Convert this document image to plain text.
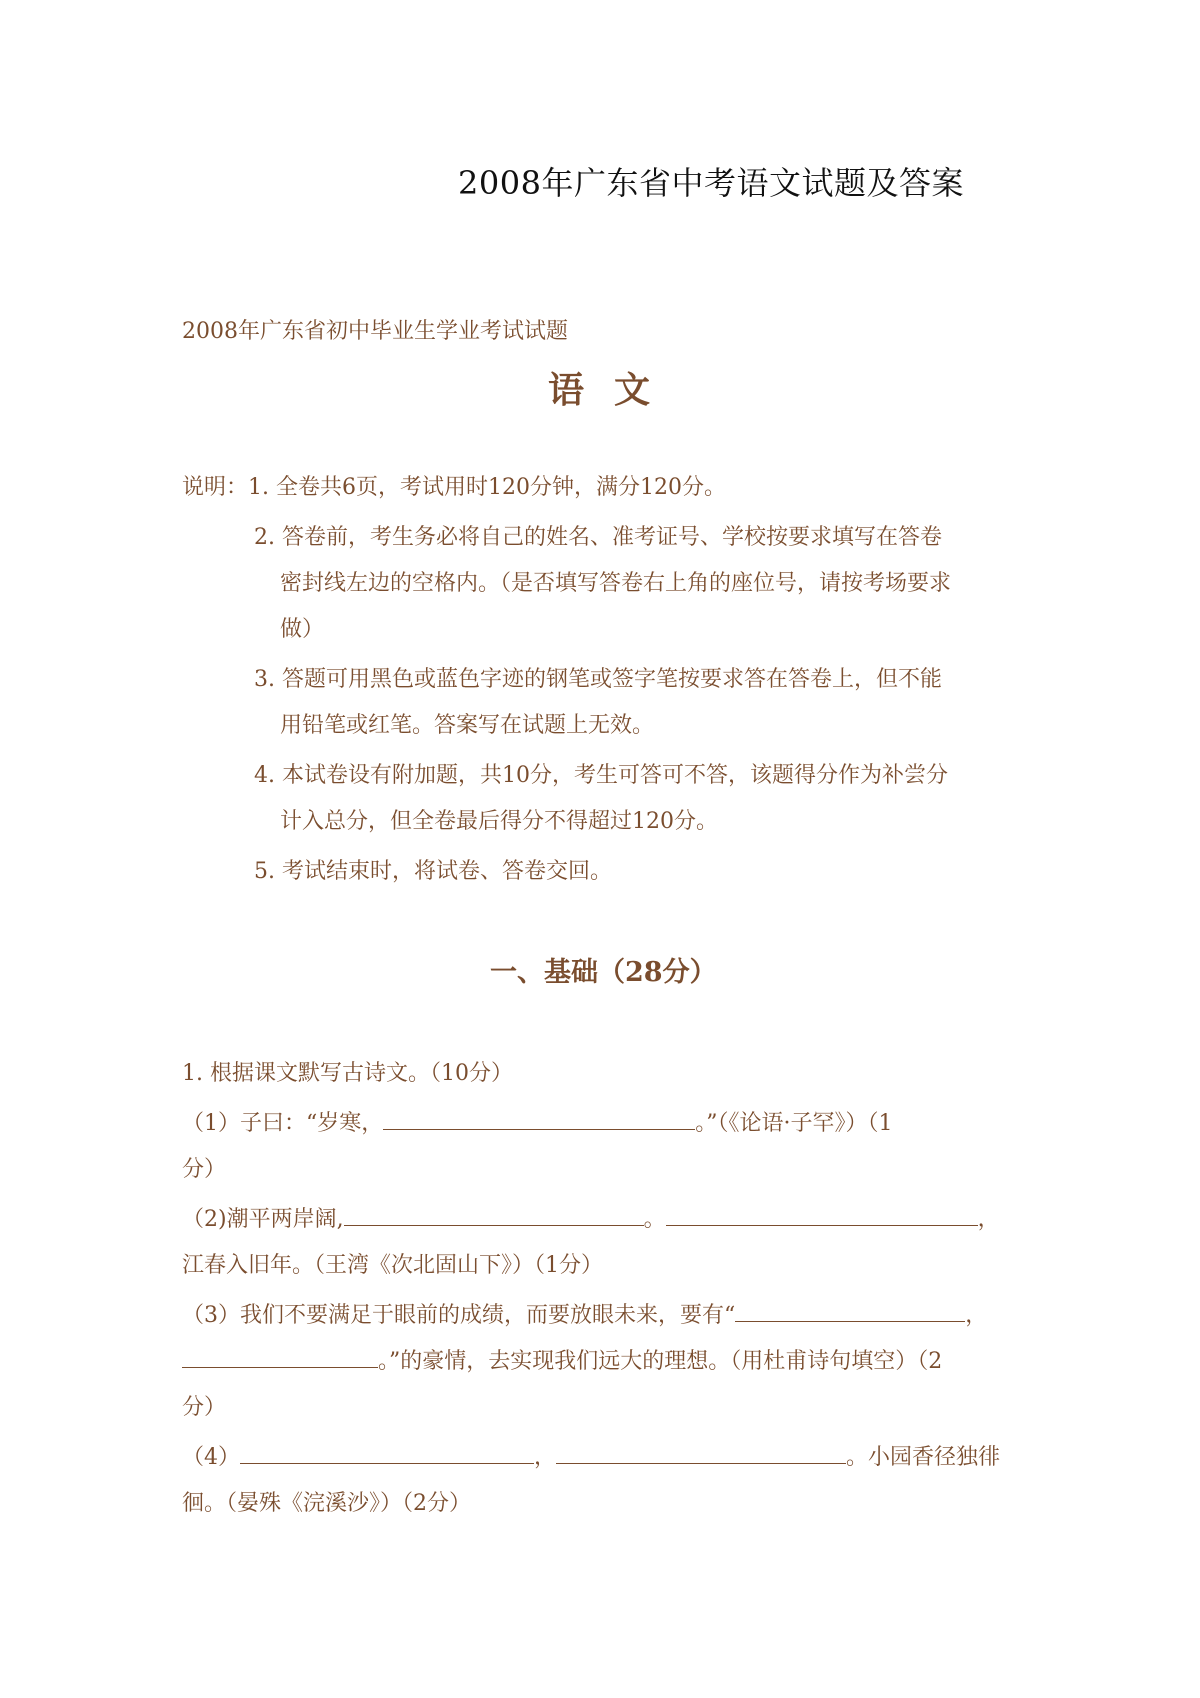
2008年广东省中考语文试题及答案
2008年广东省初中毕业生学业考试试题
语文
说明：1. 全卷共6页，考试用时120分钟，满分120分。
2. 答卷前，考生务必将自己的姓名、准考证号、学校按要求填写在答卷
密封线左边的空格内。（是否填写答卷右上角的座位号，请按考场要求
做）
3. 答题可用黑色或蓝色字迹的钢笔或签字笔按要求答在答卷上，但不能
用铅笔或红笔。答案写在试题上无效。
4. 本试卷设有附加题，共10分，考生可答可不答，该题得分作为补尝分
计入总分，但全卷最后得分不得超过120分。
5. 考试结束时，将试卷、答卷交回。
一、基础（28分）
1. 根据课文默写古诗文。（10分）
（1）子曰：“岁寒，	。”（《论语·子罕》）（1
分）
（2)潮平两岸阔,	。	，
江春入旧年。（王湾《次北固山下》）（1分）
（3）我们不要满足于眼前的成绩，而要放眼未来，要有“	，
。”的豪情，去实现我们远大的理想。（用杜甫诗句填空）（2
分）
（4）	，	。小园香径独徘
徊。（晏殊《浣溪沙》）（2分）
